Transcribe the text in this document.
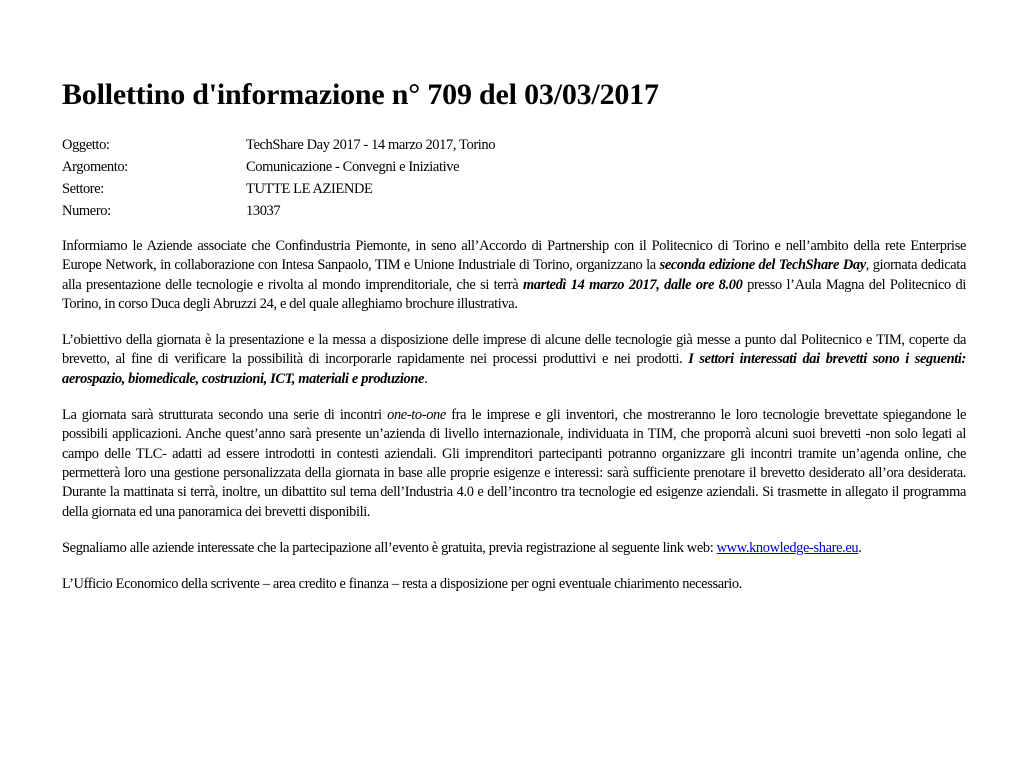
Bollettino d'informazione n° 709 del 03/03/2017
Oggetto:	TechShare Day 2017 - 14 marzo 2017, Torino
Argomento:	Comunicazione - Convegni e Iniziative
Settore:	TUTTE LE AZIENDE
Numero:	13037

Informiamo le Aziende associate che Confindustria Piemonte, in seno all’Accordo di Partnership con il Politecnico di Torino e nell’ambito della rete Enterprise Europe Network, in collaborazione con Intesa Sanpaolo, TIM e Unione Industriale di Torino, organizzano la seconda edizione del TechShare Day, giornata dedicata alla presentazione delle tecnologie e rivolta al mondo imprenditoriale, che si terrà martedì 14 marzo 2017, dalle ore 8.00 presso l’Aula Magna del Politecnico di Torino, in corso Duca degli Abruzzi 24, e del quale alleghiamo brochure illustrativa.

L’obiettivo della giornata è la presentazione e la messa a disposizione delle imprese di alcune delle tecnologie già messe a punto dal Politecnico e TIM, coperte da brevetto, al fine di verificare la possibilità di incorporarle rapidamente nei processi produttivi e nei prodotti. I settori interessati dai brevetti sono i seguenti: aerospazio, biomedicale, costruzioni, ICT, materiali e produzione.

La giornata sarà strutturata secondo una serie di incontri one-to-one fra le imprese e gli inventori, che mostreranno le loro tecnologie brevettate spiegandone le possibili applicazioni. Anche quest’anno sarà presente un’azienda di livello internazionale, individuata in TIM, che proporrà alcuni suoi brevetti -non solo legati al campo delle TLC- adatti ad essere introdotti in contesti aziendali. Gli imprenditori partecipanti potranno organizzare gli incontri tramite un’agenda online, che permetterà loro una gestione personalizzata della giornata in base alle proprie esigenze e interessi: sarà sufficiente prenotare il brevetto desiderato all’ora desiderata. Durante la mattinata si terrà, inoltre, un dibattito sul tema dell’Industria 4.0 e dell’incontro tra tecnologie ed esigenze aziendali. Si trasmette in allegato il programma della giornata ed una panoramica dei brevetti disponibili.

Segnaliamo alle aziende interessate che la partecipazione all’evento è gratuita, previa registrazione al seguente link web: www.knowledge-share.eu.

L’Ufficio Economico della scrivente – area credito e finanza – resta a disposizione per ogni eventuale chiarimento necessario.
